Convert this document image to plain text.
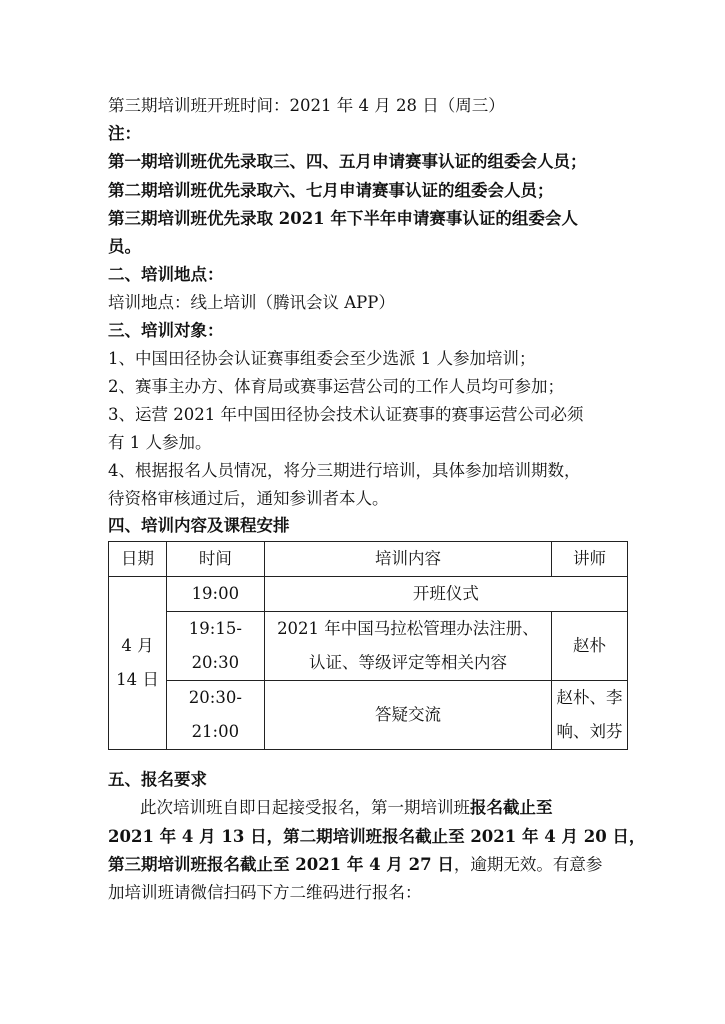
第三期培训班开班时间：2021 年 4 月 28 日（周三）
注：
第一期培训班优先录取三、四、五月申请赛事认证的组委会人员；
第二期培训班优先录取六、七月申请赛事认证的组委会人员；
第三期培训班优先录取 2021 年下半年申请赛事认证的组委会人
员。
二、培训地点：
培训地点：线上培训（腾讯会议 APP）
三、培训对象：
1、中国田径协会认证赛事组委会至少选派 1 人参加培训；
2、赛事主办方、体育局或赛事运营公司的工作人员均可参加；
3、运营 2021 年中国田径协会技术认证赛事的赛事运营公司必须
有 1 人参加。
4、根据报名人员情况，将分三期进行培训，具体参加培训期数，
待资格审核通过后，通知参训者本人。
四、培训内容及课程安排
日期	时间	培训内容	讲师

4 月
14 日	19:00	开班仪式	
	19:15-20:30	2021 年中国马拉松管理办法注册、
认证、等级评定等相关内容	赵朴
	20:30-21:00	答疑交流	赵朴、李
响、刘芬
五、报名要求
此次培训班自即日起接受报名，第一期培训班报名截止至
2021 年 4 月 13 日，第二期培训班报名截止至 2021 年 4 月 20 日，
第三期培训班报名截止至 2021 年 4 月 27 日，逾期无效。有意参
加培训班请微信扫码下方二维码进行报名：
